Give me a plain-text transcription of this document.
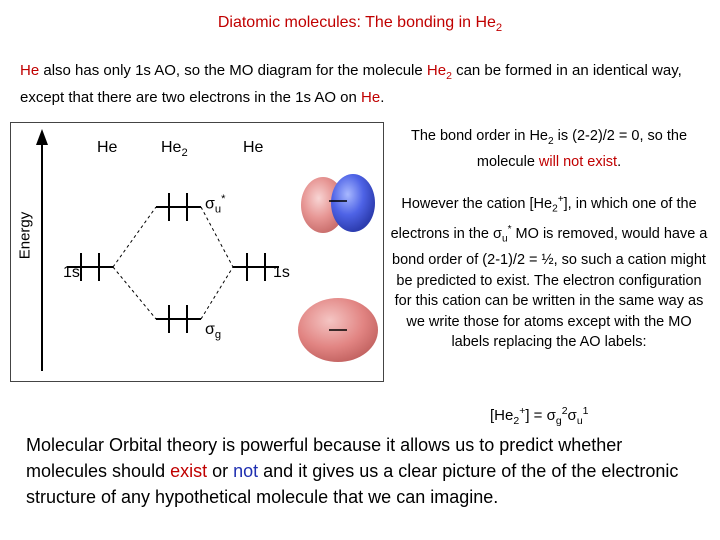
Diatomic molecules: The bonding in $He_2$
He also has only 1s AO, so the MO diagram for the molecule $He_2$ can be formed in an identical way, except that there are two electrons in the 1s AO on He.
Energy
He	$He_2$	He
1s	1s
$\sigma_u^*$
$\sigma_g$
The bond order in $He_2$ is (2-2)/2 = 0, so the molecule will not exist.
However the cation $[He_2^+]$, in which one of the electrons in the $\sigma_u^*$ MO is removed, would have a bond order of (2-1)/2 = ½, so such a cation might be predicted to exist. The electron configuration for this cation can be written in the same way as we write those for atoms except with the MO labels replacing the AO labels:
$[He_2^+] = \sigma_g^2\sigma_u^1$
Molecular Orbital theory is powerful because it allows us to predict whether molecules should exist or not and it gives us a clear picture of the of the electronic structure of any hypothetical molecule that we can imagine.
